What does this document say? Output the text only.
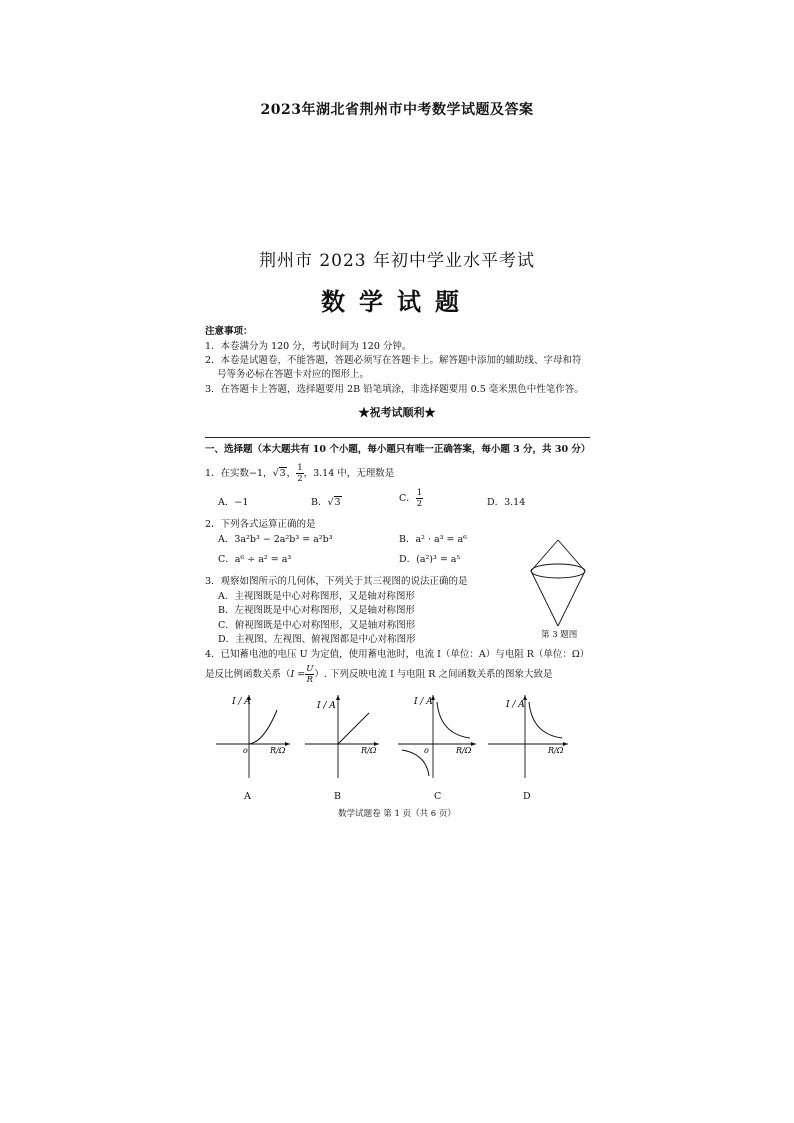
2023年湖北省荆州市中考数学试题及答案
荆州市 2023 年初中学业水平考试
数学试题
注意事项：
1．本卷满分为 120 分，考试时间为 120 分钟。
2．本卷是试题卷，不能答题，答题必须写在答题卡上。解答题中添加的辅助线、字母和符
号等务必标在答题卡对应的图形上。
3．在答题卡上答题，选择题要用 2B 铅笔填涂，非选择题要用 0.5 毫米黑色中性笔作答。
★祝考试顺利★
一、选择题（本大题共有 10 个小题，每小题只有唯一正确答案，每小题 3 分，共 30 分）
1．在实数−1，√3， $\frac{1}{2}$ ，3.14 中，无理数是
A．−1	B．√3	C． $\frac{1}{2}$	D．3.14
2．下列各式运算正确的是
A．3a²b³ − 2a²b³ = a²b³	B．a² · a³ = a⁶
C．a⁶ ÷ a² = a³	D．(a²)³ = a⁵
3．观察如图所示的几何体，下列关于其三视图的说法正确的是
A．主视图既是中心对称图形，又是轴对称图形
B．左视图既是中心对称图形，又是轴对称图形
C．俯视图既是中心对称图形，又是轴对称图形
D．主视图、左视图、俯视图都是中心对称图形	第 3 题图
4．已知蓄电池的电压 U 为定值，使用蓄电池时，电流 I（单位：A）与电阻 R（单位：Ω）
是反比例函数关系（$I = \frac{U}{R}$ ）. 下列反映电流 I 与电阻 R 之间函数关系的图象大致是
I / A
o	R/Ω
I / A
R/Ω
I / A
o	R/Ω
I / A
R/Ω
A	B	C	D
数学试题卷 第 1 页（共 6 页）
